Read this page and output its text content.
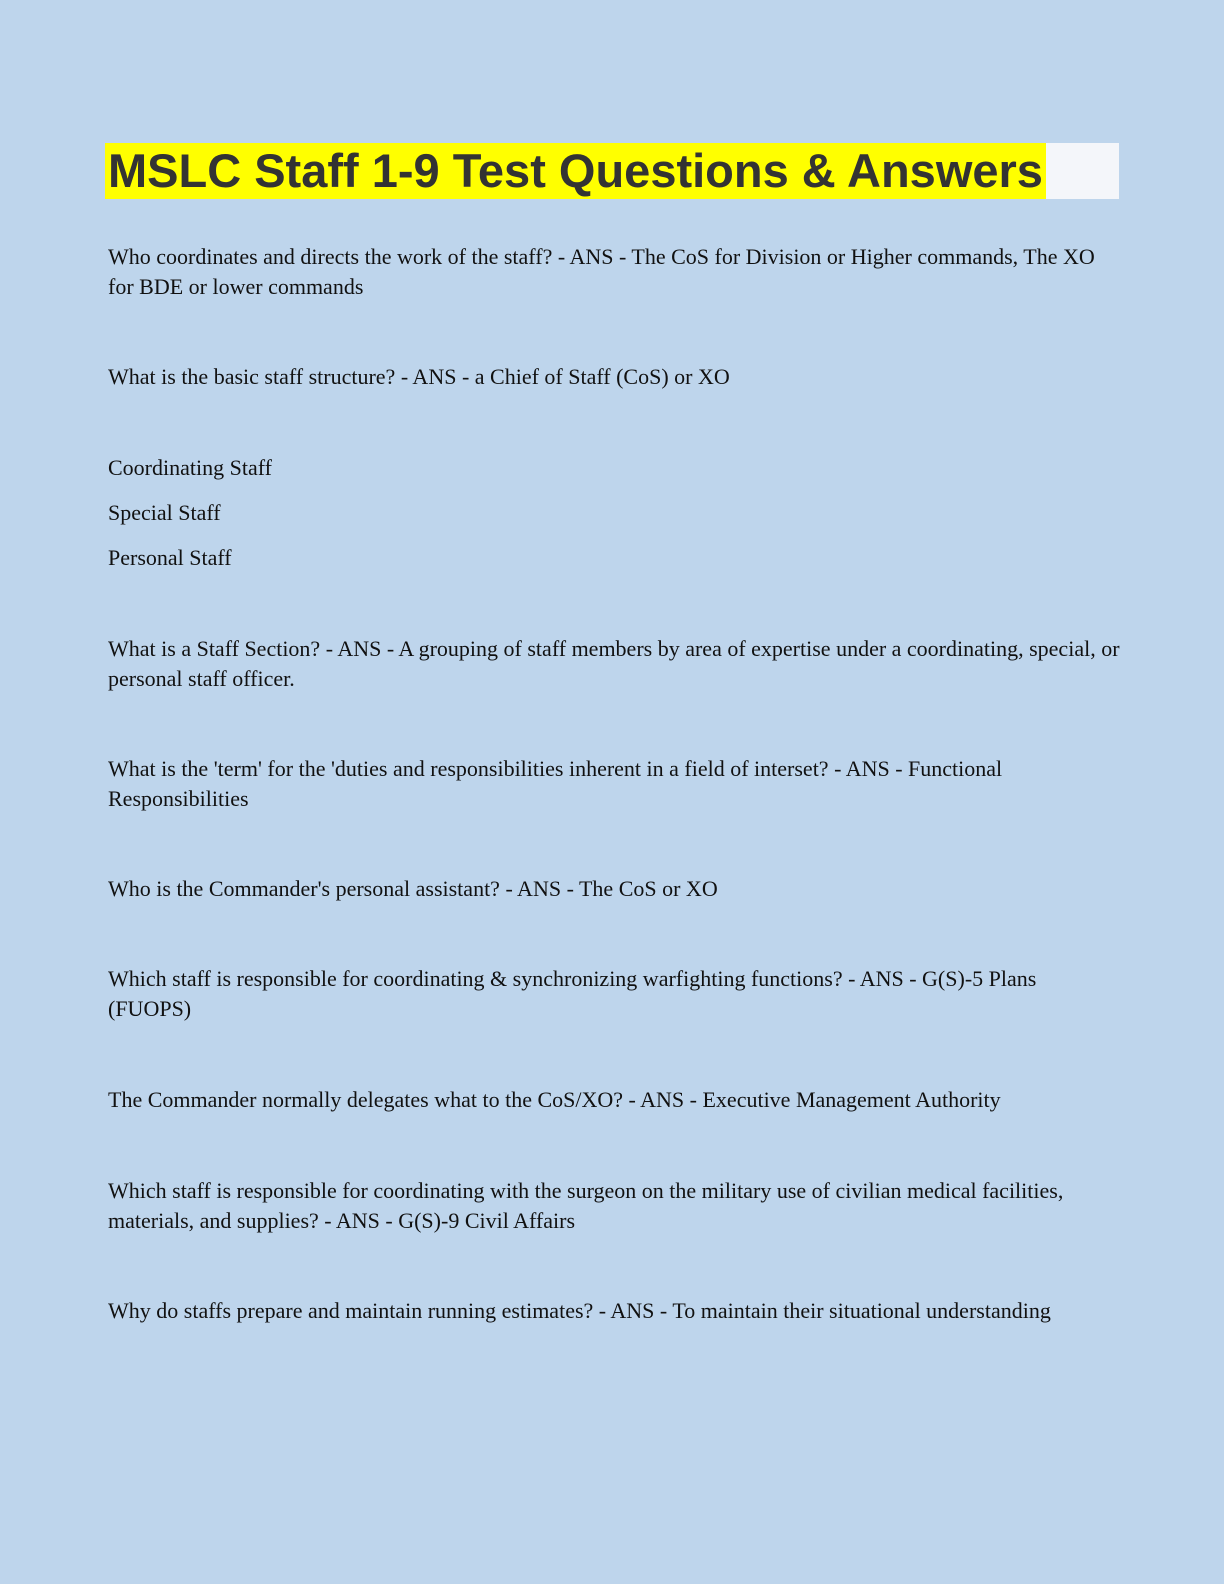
MSLC Staff 1-9 Test Questions & Answers

Who coordinates and directs the work of the staff? - ANS - The CoS for Division or Higher commands, The XO for BDE or lower commands

What is the basic staff structure? - ANS - a Chief of Staff (CoS) or XO

Coordinating Staff

Special Staff

Personal Staff

What is a Staff Section? - ANS - A grouping of staff members by area of expertise under a coordinating, special, or personal staff officer.

What is the 'term' for the 'duties and responsibilities inherent in a field of interset? - ANS - Functional Responsibilities

Who is the Commander's personal assistant? - ANS - The CoS or XO

Which staff is responsible for coordinating & synchronizing warfighting functions? - ANS - G(S)-5 Plans (FUOPS)

The Commander normally delegates what to the CoS/XO? - ANS - Executive Management Authority

Which staff is responsible for coordinating with the surgeon on the military use of civilian medical facilities, materials, and supplies? - ANS - G(S)-9 Civil Affairs

Why do staffs prepare and maintain running estimates? - ANS - To maintain their situational understanding
